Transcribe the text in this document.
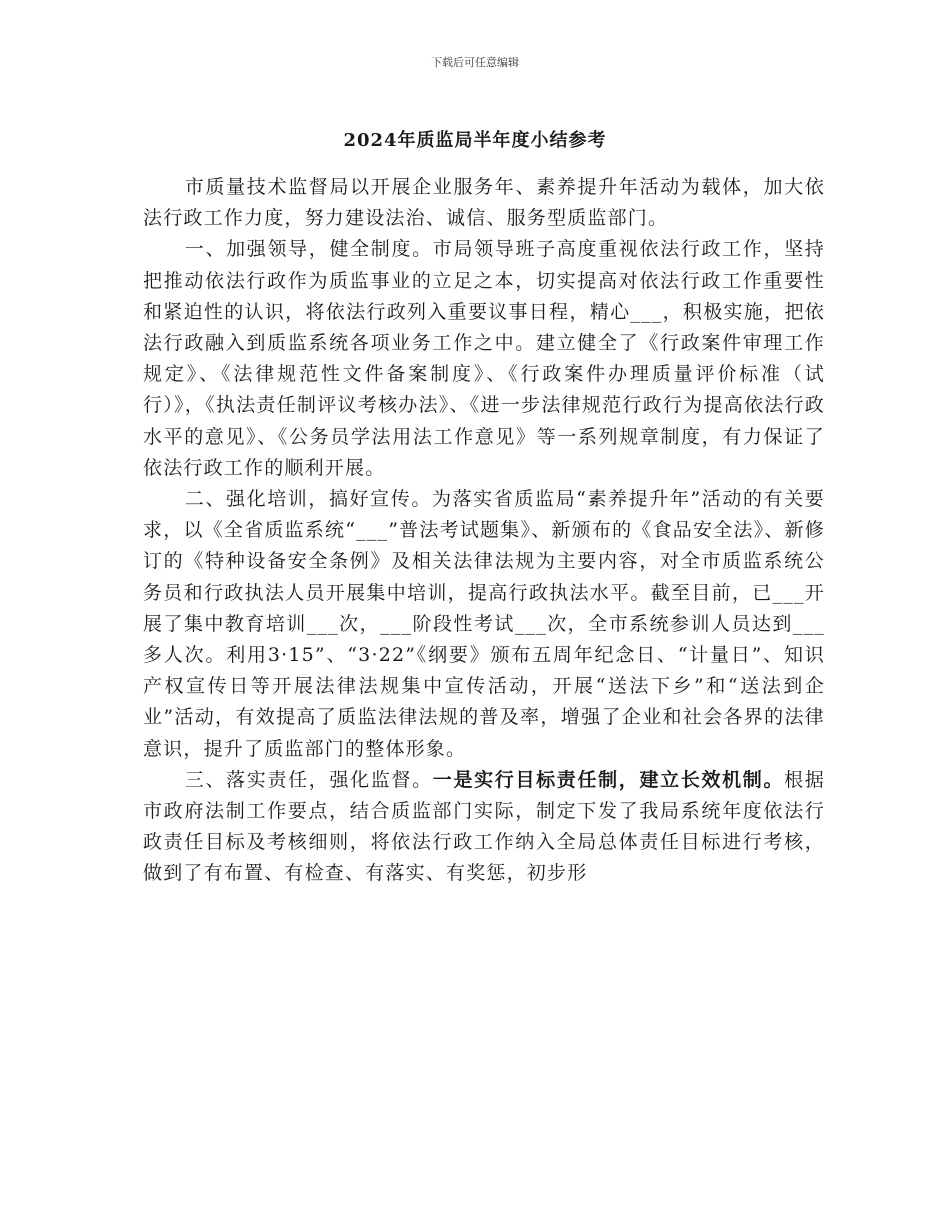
下载后可任意编辑
2024年质监局半年度小结参考

市质量技术监督局以开展企业服务年、素养提升年活动为载体，加大依法行政工作力度，努力建设法治、诚信、服务型质监部门。

一、加强领导，健全制度。市局领导班子高度重视依法行政工作，坚持把推动依法行政作为质监事业的立足之本，切实提高对依法行政工作重要性和紧迫性的认识，将依法行政列入重要议事日程，精心___，积极实施，把依法行政融入到质监系统各项业务工作之中。建立健全了《行政案件审理工作规定》、《法律规范性文件备案制度》、《行政案件办理质量评价标准（试行）》，《执法责任制评议考核办法》、《进一步法律规范行政行为提高依法行政水平的意见》、《公务员学法用法工作意见》等一系列规章制度，有力保证了依法行政工作的顺利开展。

二、强化培训，搞好宣传。为落实省质监局“素养提升年”活动的有关要求，以《全省质监系统“___”普法考试题集》、新颁布的《食品安全法》、新修订的《特种设备安全条例》及相关法律法规为主要内容，对全市质监系统公务员和行政执法人员开展集中培训，提高行政执法水平。截至目前，已___开展了集中教育培训___次，___阶段性考试___次，全市系统参训人员达到___多人次。利用3·15”、“3·22”《纲要》颁布五周年纪念日、“计量日”、知识产权宣传日等开展法律法规集中宣传活动，开展“送法下乡”和“送法到企业”活动，有效提高了质监法律法规的普及率，增强了企业和社会各界的法律意识，提升了质监部门的整体形象。

三、落实责任，强化监督。一是实行目标责任制，建立长效机制。根据市政府法制工作要点，结合质监部门实际，制定下发了我局系统年度依法行政责任目标及考核细则，将依法行政工作纳入全局总体责任目标进行考核，做到了有布置、有检查、有落实、有奖惩，初步形
